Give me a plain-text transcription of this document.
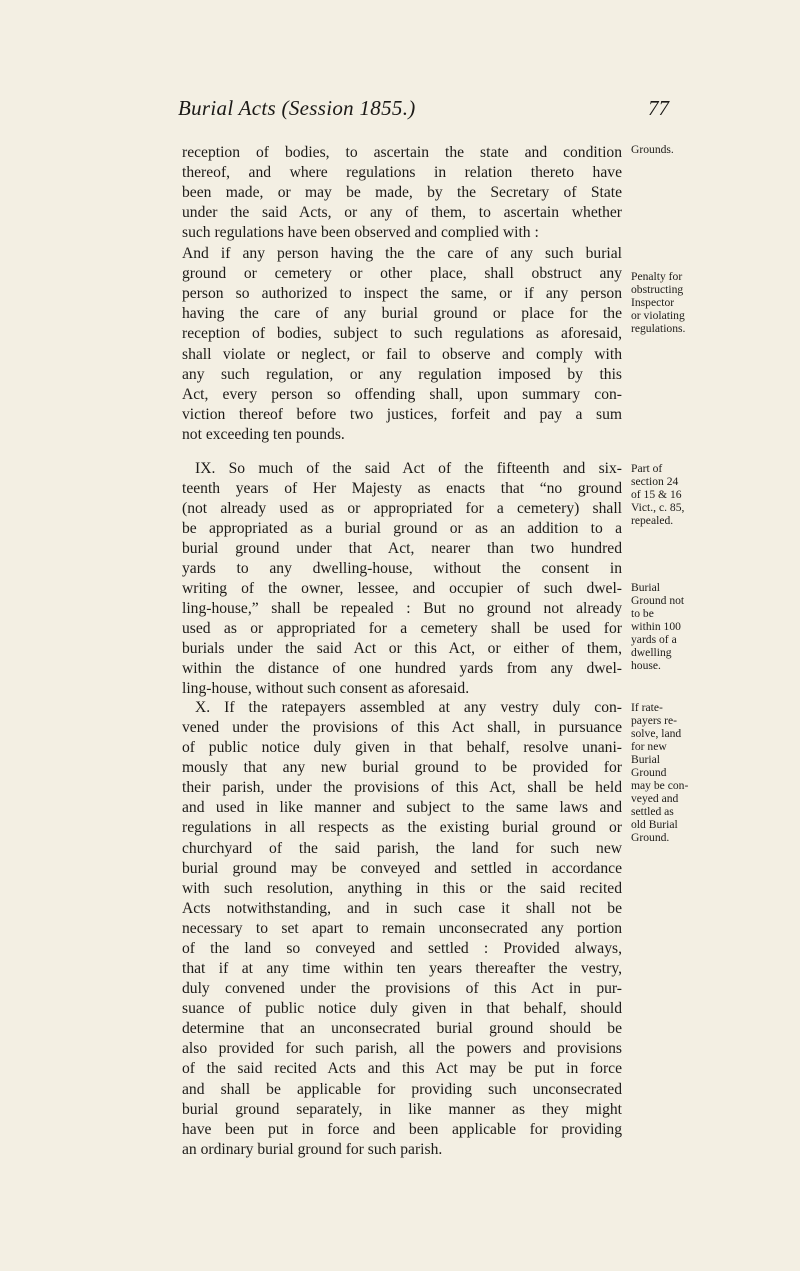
Burial Acts (Session 1855.)	77
reception of bodies, to ascertain the state and condition
thereof, and where regulations in relation thereto have
been made, or may be made, by the Secretary of State
under the said Acts, or any of them, to ascertain whether
such regulations have been observed and complied with :
And if any person having the the care of any such burial
ground or cemetery or other place, shall obstruct any
person so authorized to inspect the same, or if any person
having the care of any burial ground or place for the
reception of bodies, subject to such regulations as aforesaid,
shall violate or neglect, or fail to observe and comply with
any such regulation, or any regulation imposed by this
Act, every person so offending shall, upon summary con-
viction thereof before two justices, forfeit and pay a sum
not exceeding ten pounds.
IX. So much of the said Act of the fifteenth and six-
teenth years of Her Majesty as enacts that “no ground
(not already used as or appropriated for a cemetery) shall
be appropriated as a burial ground or as an addition to a
burial ground under that Act, nearer than two hundred
yards to any dwelling-house, without the consent in
writing of the owner, lessee, and occupier of such dwel-
ling-house,” shall be repealed : But no ground not already
used as or appropriated for a cemetery shall be used for
burials under the said Act or this Act, or either of them,
within the distance of one hundred yards from any dwel-
ling-house, without such consent as aforesaid.
X. If the ratepayers assembled at any vestry duly con-
vened under the provisions of this Act shall, in pursuance
of public notice duly given in that behalf, resolve unani-
mously that any new burial ground to be provided for
their parish, under the provisions of this Act, shall be held
and used in like manner and subject to the same laws and
regulations in all respects as the existing burial ground or
churchyard of the said parish, the land for such new
burial ground may be conveyed and settled in accordance
with such resolution, anything in this or the said recited
Acts notwithstanding, and in such case it shall not be
necessary to set apart to remain unconsecrated any portion
of the land so conveyed and settled : Provided always,
that if at any time within ten years thereafter the vestry,
duly convened under the provisions of this Act in pur-
suance of public notice duly given in that behalf, should
determine that an unconsecrated burial ground should be
also provided for such parish, all the powers and provisions
of the said recited Acts and this Act may be put in force
and shall be applicable for providing such unconsecrated
burial ground separately, in like manner as they might
have been put in force and been applicable for providing
an ordinary burial ground for such parish.
Grounds.
Penalty for
obstructing
Inspector
or violating
regulations.
Part of
section 24
of 15 & 16
Vict., c. 85,
repealed.
Burial
Ground not
to be
within 100
yards of a
dwelling
house.
If rate-
payers re-
solve, land
for new
Burial
Ground
may be con-
veyed and
settled as
old Burial
Ground.
